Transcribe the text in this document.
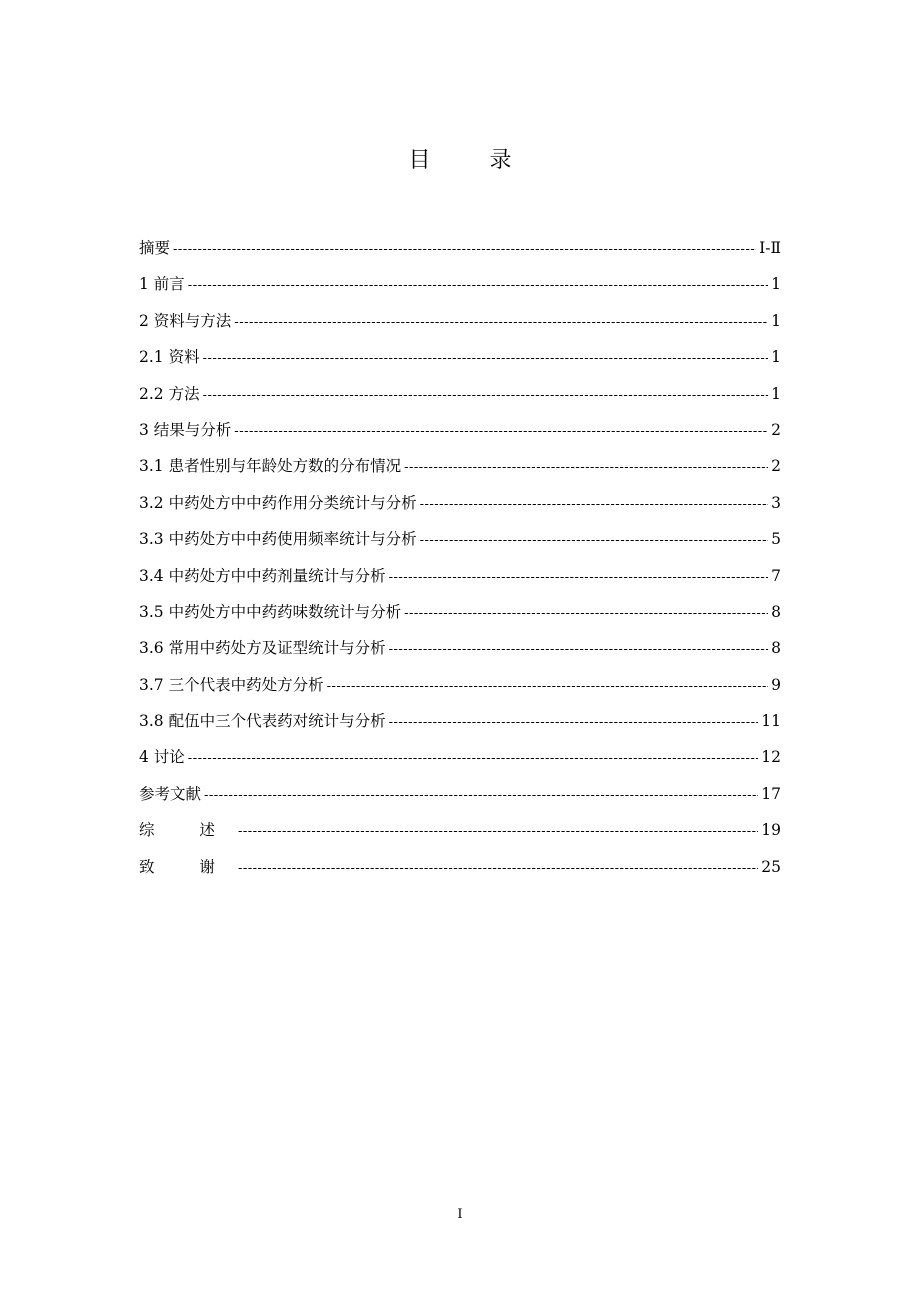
目 录
摘要 -----	Ⅰ-Ⅱ
1 前言 -----	1
2 资料与方法 -----	1
2.1 资料 -----	1
2.2 方法 -----	1
3 结果与分析 -----	2
3.1 患者性别与年龄处方数的分布情况 -----	2
3.2 中药处方中中药作用分类统计与分析 -----	3
3.3 中药处方中中药使用频率统计与分析 -----	5
3.4 中药处方中中药剂量统计与分析 -----	7
3.5 中药处方中中药药味数统计与分析 -----	8
3.6 常用中药处方及证型统计与分析 -----	8
3.7 三个代表中药处方分析 -----	9
3.8 配伍中三个代表药对统计与分析 -----	11
4 讨论 -----	12
参考文献 -----	17
综 述 -----	19
致 谢 -----	25
I
